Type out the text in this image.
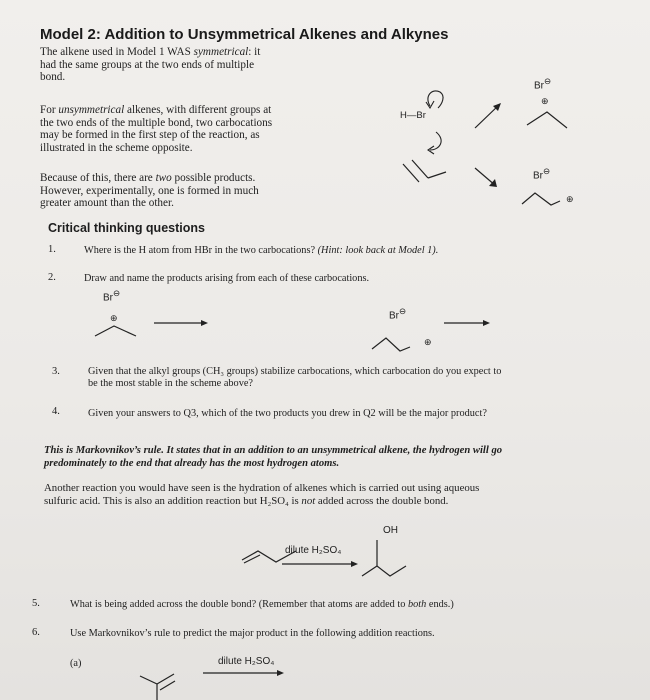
Model 2: Addition to Unsymmetrical Alkenes and Alkynes
The alkene used in Model 1 WAS symmetrical: it
had the same groups at the two ends of multiple
bond.
For unsymmetrical alkenes, with different groups at
the two ends of the multiple bond, two carbocations
may be formed in the first step of the reaction, as
illustrated in the scheme opposite.
Because of this, there are two possible products.
However, experimentally, one is formed in much
greater amount than the other.
H—Br
Br⊖
⊕
Br⊖
⊕
Critical thinking questions
1.	Where is the H atom from HBr in the two carbocations? (Hint: look back at Model 1).
2.	Draw and name the products arising from each of these carbocations.
Br⊖
⊕	Br⊖
⊕
3.	Given that the alkyl groups (CH₃ groups) stabilize carbocations, which carbocation do you expect to
be the most stable in the scheme above?
4.	Given your answers to Q3, which of the two products you drew in Q2 will be the major product?
This is Markovnikov’s rule. It states that in an addition to an unsymmetrical alkene, the hydrogen will go
predominately to the end that already has the most hydrogen atoms.
Another reaction you would have seen is the hydration of alkenes which is carried out using aqueous
sulfuric acid. This is also an addition reaction but H₂SO₄ is not added across the double bond.
OH
dilute H₂SO₄
5.	What is being added across the double bond? (Remember that atoms are added to both ends.)
6.	Use Markovnikov’s rule to predict the major product in the following addition reactions.
(a)	dilute H₂SO₄
